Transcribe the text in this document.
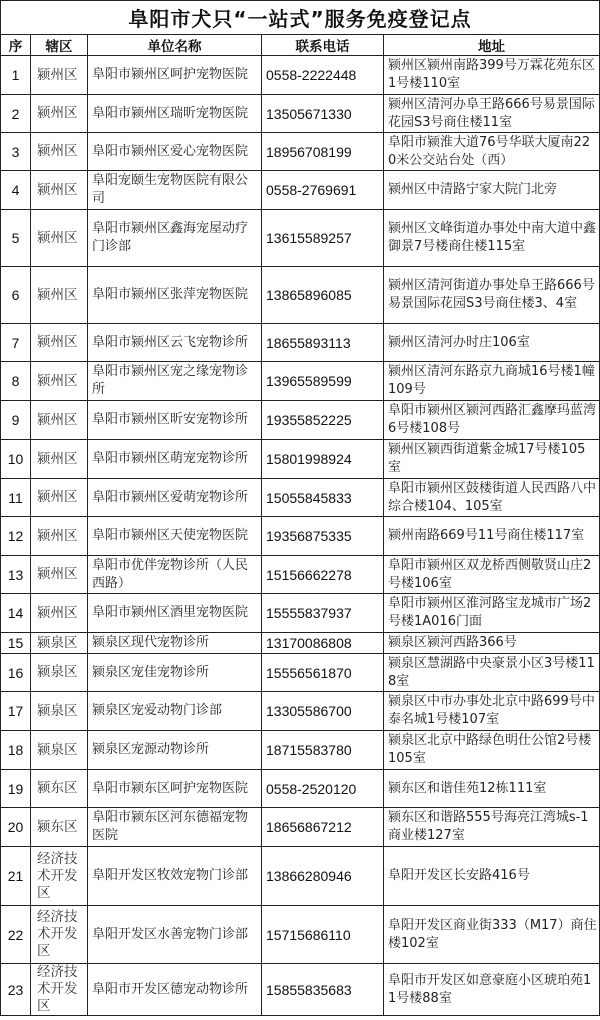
阜阳市犬只“一站式”服务免疫登记点				
序	辖区	单位名称	联系电话	地址
1	颍州区	阜阳市颍州区呵护宠物医院	0558-2222448	颍州区颍州南路399号万霖花苑东区1号楼110室
2	颍州区	阜阳市颍州区瑞昕宠物医院	13505671330	颍州区清河办阜王路666号易景国际花园S3号商住楼11室
3	颍州区	阜阳市颍州区爱心宠物医院	18956708199	阜阳市颍淮大道76号华联大厦南220米公交站台处（西）
4	颍州区	阜阳宠颐生宠物医院有限公司	0558-2769691	颍州区中清路宁家大院门北旁
5	颍州区	阜阳市颍州区鑫海宠屋动疗门诊部	13615589257	颍州区文峰街道办事处中南大道中鑫御景7号楼商住楼115室
6	颍州区	阜阳市颍州区张萍宠物医院	13865896085	颍州区清河街道办事处阜王路666号易景国际花园S3号商住楼3、4室
7	颍州区	阜阳市颍州区云飞宠物诊所	18655893113	颍州区清河办时庄106室
8	颍州区	阜阳市颍州区宠之缘宠物诊所	13965589599	颍州区清河东路京九商城16号楼1幢109号
9	颍州区	阜阳市颍州区昕安宠物诊所	19355852225	阜阳市颍州区颍河西路汇鑫摩玛蓝湾6号楼108号
10	颍州区	阜阳市颍州区萌宠宠物诊所	15801998924	颍州区颍西街道紫金城17号楼105室
11	颍州区	阜阳市颍州区爱萌宠物诊所	15055845833	阜阳市颍州区鼓楼街道人民西路八中综合楼104、105室
12	颍州区	阜阳市颍州区天使宠物医院	19356875335	颍州南路669号11号商住楼117室
13	颍州区	阜阳市优伴宠物诊所（人民西路）	15156662278	阜阳市颍州区双龙桥西侧敬贤山庄2号楼106室
14	颍州区	阜阳市颍州区酒里宠物医院	15555837937	阜阳市颍州区淮河路宝龙城市广场2号楼1A016门面
15	颍泉区	颍泉区现代宠物诊所	13170086808	颍泉区颍河西路366号
16	颍泉区	颍泉区宠佳宠物诊所	15556561870	颍泉区慧湖路中央豪景小区3号楼118室
17	颍泉区	颍泉区宠爱动物门诊部	13305586700	颍泉区中市办事处北京中路699号中泰名城1号楼107室
18	颍泉区	颍泉区宠源动物诊所	18715583780	颍泉区北京中路绿色明仕公馆2号楼105室
19	颍东区	阜阳市颍东区呵护宠物医院	0558-2520120	颍东区和谐佳苑12栋111室
20	颍东区	阜阳市颍东区河东德福宠物医院	18656867212	颍东区和谐路555号海亮江湾城s-1商业楼127室
21	经济技术开发区	阜阳开发区牧效宠物门诊部	13866280946	阜阳开发区长安路416号
22	经济技术开发区	阜阳开发区水善宠物门诊部	15715686110	阜阳开发区商业街333（M17）商住楼102室
23	经济技术开发区	阜阳市开发区德宠动物诊所	15855835683	阜阳市开发区如意豪庭小区琥珀苑11号楼88室
